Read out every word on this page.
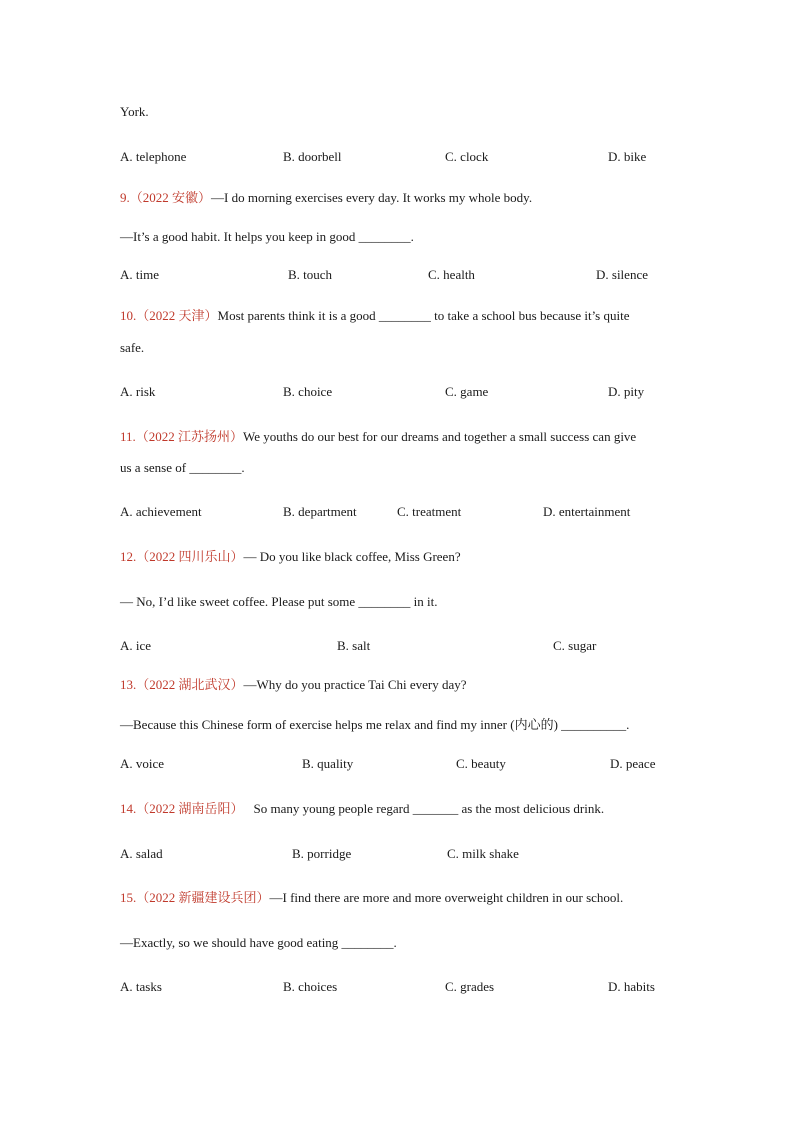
York.
A. telephone	B. doorbell	C. clock	D. bike
9.（2022 安徽）—I do morning exercises every day. It works my whole body.
—It’s a good habit. It helps you keep in good ________.
A. time	B. touch	C. health	D. silence
10.（2022 天津）Most parents think it is a good ________ to take a school bus because it’s quite
safe.
A. risk	B. choice	C. game	D. pity
11.（2022 江苏扬州）We youths do our best for our dreams and together a small success can give
us a sense of ________.
A. achievement	B. department	C. treatment	D. entertainment
12.（2022 四川乐山）— Do you like black coffee, Miss Green?
— No, I’d like sweet coffee. Please put some ________ in it.
A. ice	B. salt	C. sugar
13.（2022 湖北武汉）—Why do you practice Tai Chi every day?
—Because this Chinese form of exercise helps me relax and find my inner (内心的) __________.
A. voice	B. quality	C. beauty	D. peace
14.（2022 湖南岳阳） So many young people regard _______ as the most delicious drink.
A. salad	B. porridge	C. milk shake
15.（2022 新疆建设兵团）—I find there are more and more overweight children in our school.
—Exactly, so we should have good eating ________.
A. tasks	B. choices	C. grades	D. habits
